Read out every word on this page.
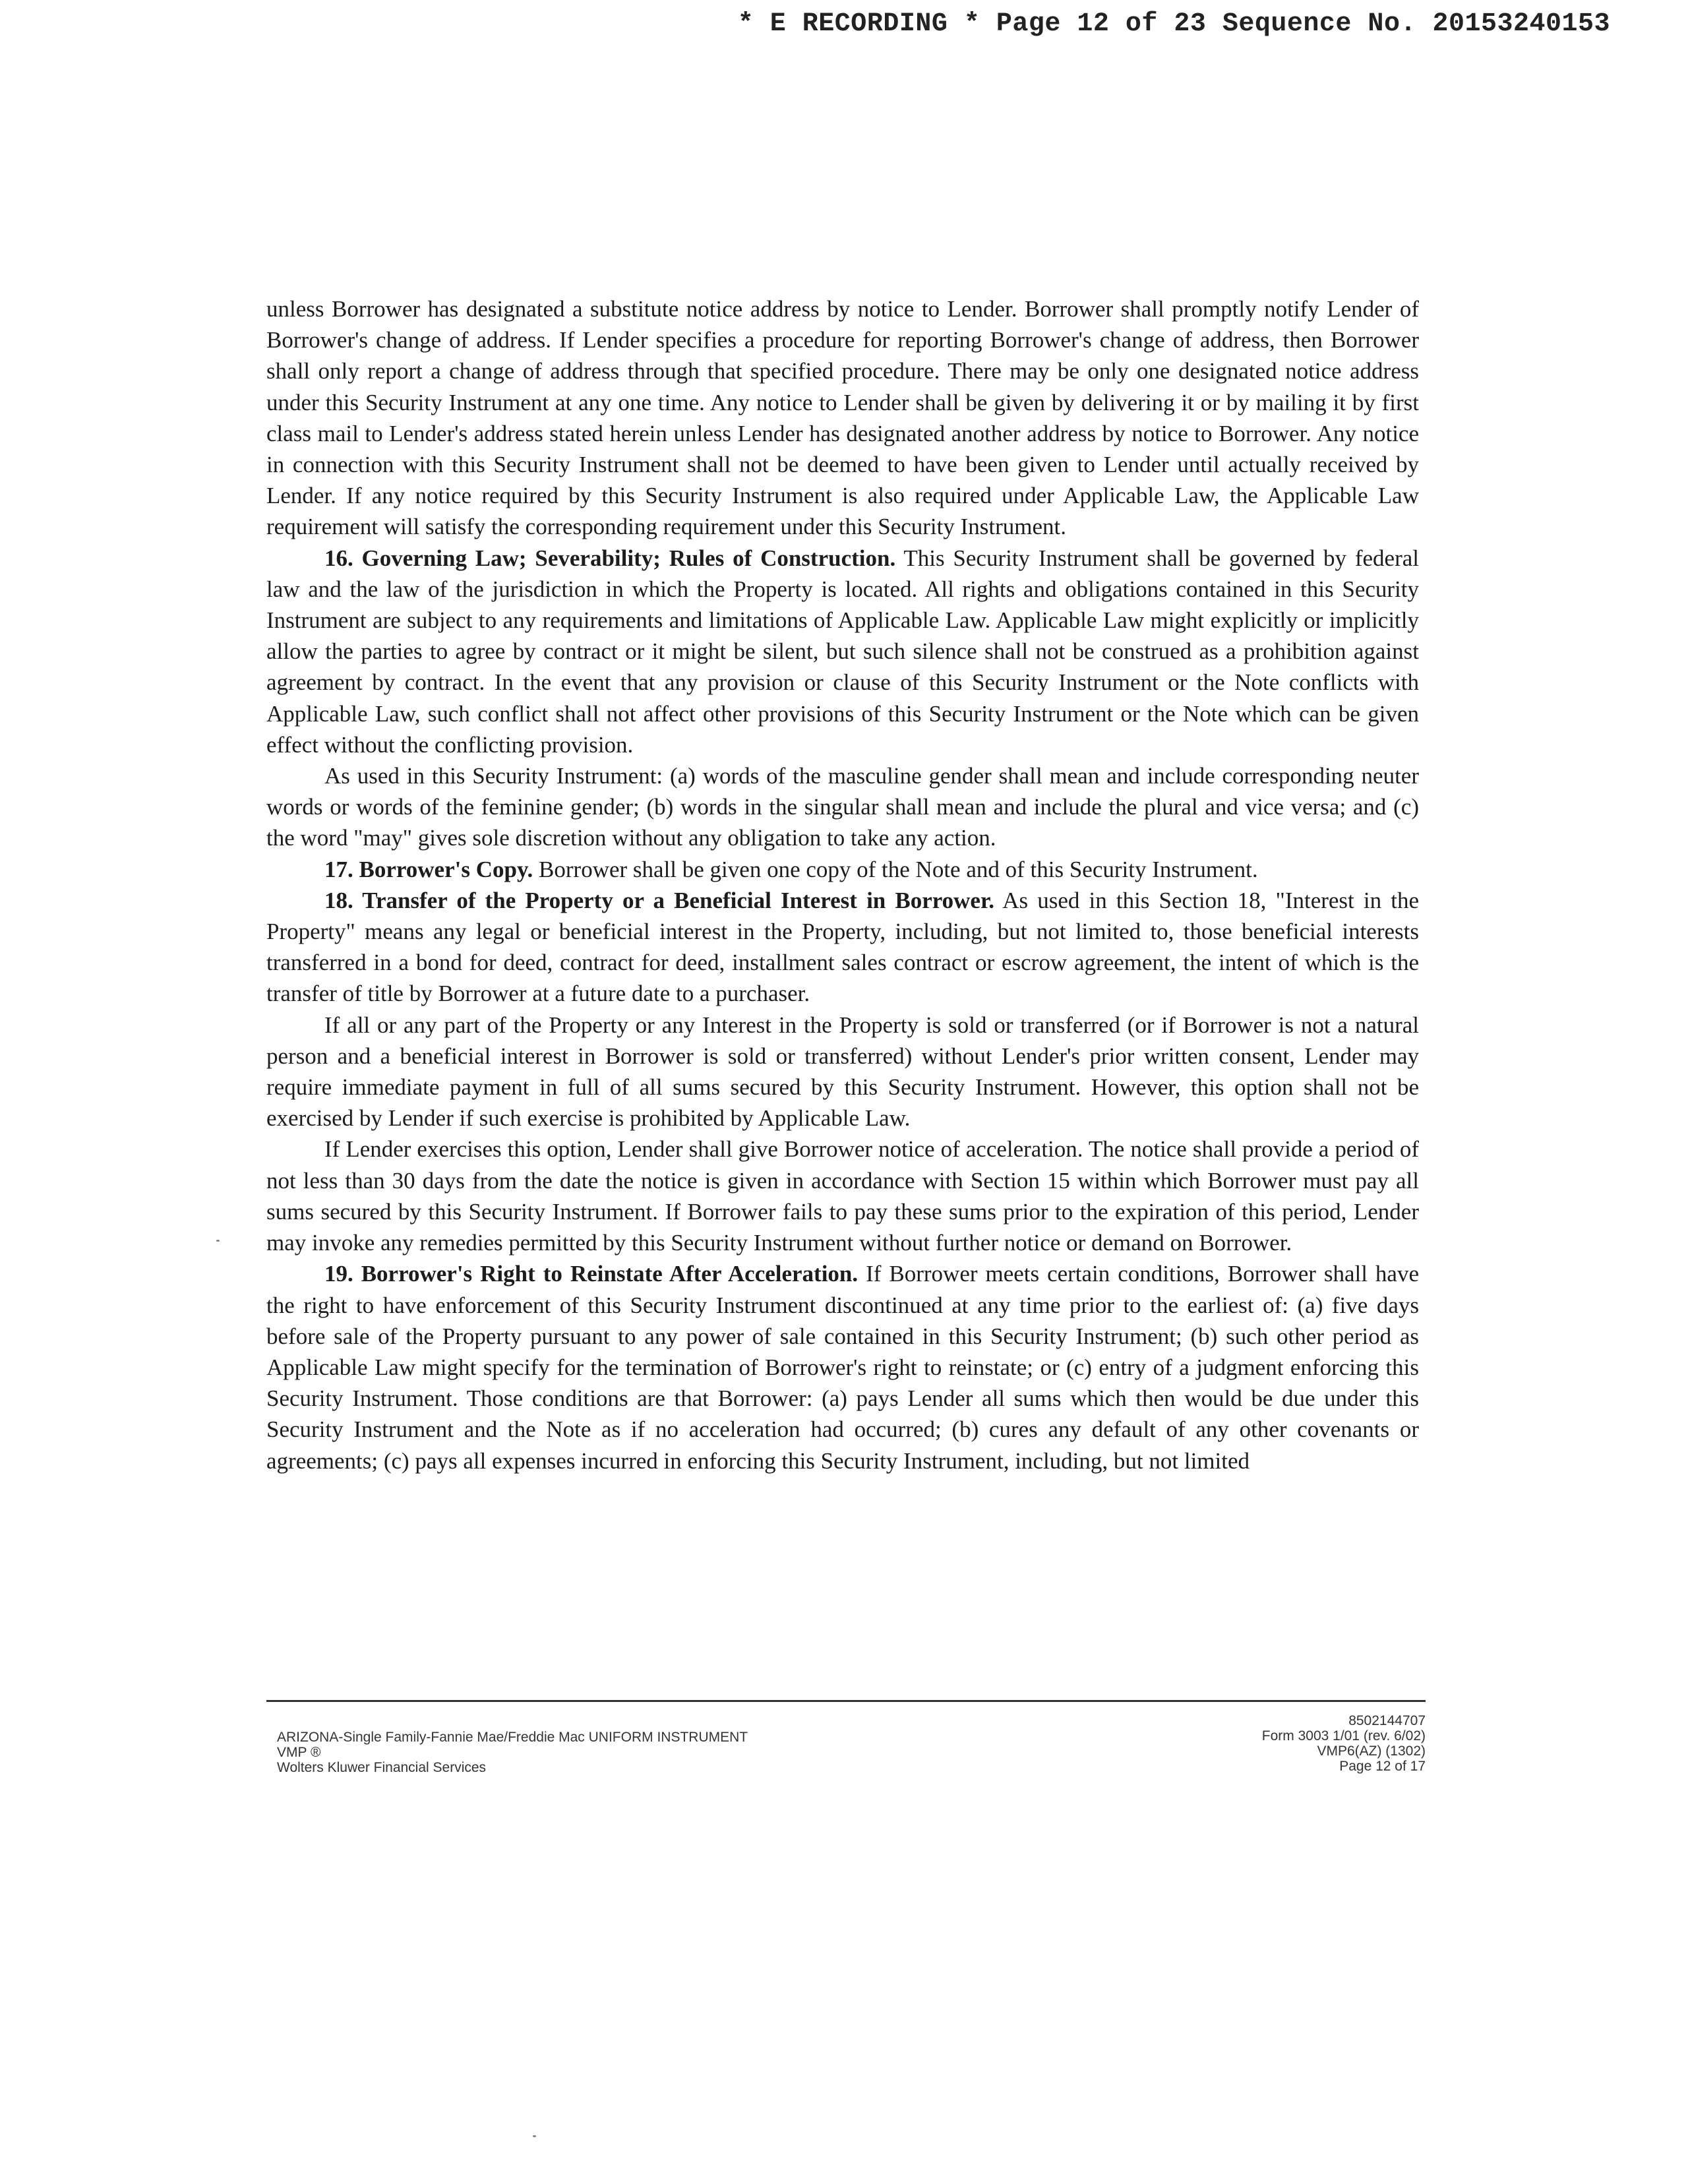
* E RECORDING * Page 12 of 23 Sequence No. 20153240153

unless Borrower has designated a substitute notice address by notice to Lender. Borrower shall promptly notify Lender of Borrower's change of address. If Lender specifies a procedure for reporting Borrower's change of address, then Borrower shall only report a change of address through that specified procedure. There may be only one designated notice address under this Security Instrument at any one time. Any notice to Lender shall be given by delivering it or by mailing it by first class mail to Lender's address stated herein unless Lender has designated another address by notice to Borrower. Any notice in connection with this Security Instrument shall not be deemed to have been given to Lender until actually received by Lender. If any notice required by this Security Instrument is also required under Applicable Law, the Applicable Law requirement will satisfy the corresponding requirement under this Security Instrument.

16. Governing Law; Severability; Rules of Construction. This Security Instrument shall be governed by federal law and the law of the jurisdiction in which the Property is located. All rights and obligations contained in this Security Instrument are subject to any requirements and limitations of Applicable Law. Applicable Law might explicitly or implicitly allow the parties to agree by contract or it might be silent, but such silence shall not be construed as a prohibition against agreement by contract. In the event that any provision or clause of this Security Instrument or the Note conflicts with Applicable Law, such conflict shall not affect other provisions of this Security Instrument or the Note which can be given effect without the conflicting provision.

As used in this Security Instrument: (a) words of the masculine gender shall mean and include corresponding neuter words or words of the feminine gender; (b) words in the singular shall mean and include the plural and vice versa; and (c) the word "may" gives sole discretion without any obligation to take any action.

17. Borrower's Copy. Borrower shall be given one copy of the Note and of this Security Instrument.

18. Transfer of the Property or a Beneficial Interest in Borrower. As used in this Section 18, "Interest in the Property" means any legal or beneficial interest in the Property, including, but not limited to, those beneficial interests transferred in a bond for deed, contract for deed, installment sales contract or escrow agreement, the intent of which is the transfer of title by Borrower at a future date to a purchaser.

If all or any part of the Property or any Interest in the Property is sold or transferred (or if Borrower is not a natural person and a beneficial interest in Borrower is sold or transferred) without Lender's prior written consent, Lender may require immediate payment in full of all sums secured by this Security Instrument. However, this option shall not be exercised by Lender if such exercise is prohibited by Applicable Law.

If Lender exercises this option, Lender shall give Borrower notice of acceleration. The notice shall provide a period of not less than 30 days from the date the notice is given in accordance with Section 15 within which Borrower must pay all sums secured by this Security Instrument. If Borrower fails to pay these sums prior to the expiration of this period, Lender may invoke any remedies permitted by this Security Instrument without further notice or demand on Borrower.

19. Borrower's Right to Reinstate After Acceleration. If Borrower meets certain conditions, Borrower shall have the right to have enforcement of this Security Instrument discontinued at any time prior to the earliest of: (a) five days before sale of the Property pursuant to any power of sale contained in this Security Instrument; (b) such other period as Applicable Law might specify for the termination of Borrower's right to reinstate; or (c) entry of a judgment enforcing this Security Instrument. Those conditions are that Borrower: (a) pays Lender all sums which then would be due under this Security Instrument and the Note as if no acceleration had occurred; (b) cures any default of any other covenants or agreements; (c) pays all expenses incurred in enforcing this Security Instrument, including, but not limited

ARIZONA-Single Family-Fannie Mae/Freddie Mac UNIFORM INSTRUMENT
VMP ®
Wolters Kluwer Financial Services
8502144707
Form 3003 1/01 (rev. 6/02)
VMP6(AZ) (1302)
Page 12 of 17
